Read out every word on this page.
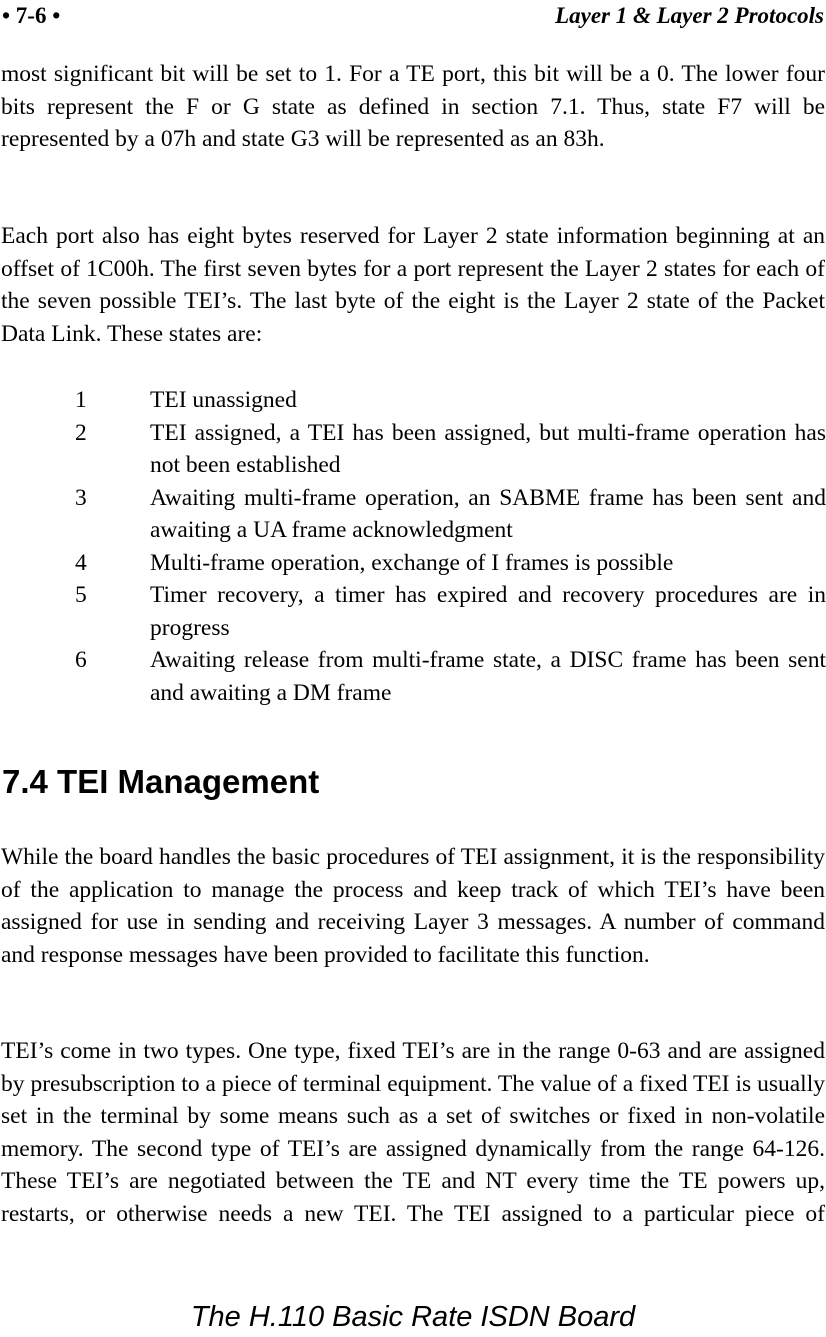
• 7-6 •	Layer 1 & Layer 2 Protocols

most significant bit will be set to 1. For a TE port, this bit will be a 0. The lower four bits represent the F or G state as defined in section 7.1. Thus, state F7 will be represented by a 07h and state G3 will be represented as an 83h.

Each port also has eight bytes reserved for Layer 2 state information beginning at an offset of 1C00h. The first seven bytes for a port represent the Layer 2 states for each of the seven possible TEI’s. The last byte of the eight is the Layer 2 state of the Packet Data Link. These states are:

1	TEI unassigned
2	TEI assigned, a TEI has been assigned, but multi-frame operation has not been established
3	Awaiting multi-frame operation, an SABME frame has been sent and awaiting a UA frame acknowledgment
4	Multi-frame operation, exchange of I frames is possible
5	Timer recovery, a timer has expired and recovery procedures are in progress
6	Awaiting release from multi-frame state, a DISC frame has been sent and awaiting a DM frame
7.4 TEI Management

While the board handles the basic procedures of TEI assignment, it is the responsibility of the application to manage the process and keep track of which TEI’s have been assigned for use in sending and receiving Layer 3 messages. A number of command and response messages have been provided to facilitate this function.

TEI’s come in two types. One type, fixed TEI’s are in the range 0-63 and are assigned by presubscription to a piece of terminal equipment. The value of a fixed TEI is usually set in the terminal by some means such as a set of switches or fixed in non-volatile memory. The second type of TEI’s are assigned dynamically from the range 64-126. These TEI’s are negotiated between the TE and NT every time the TE powers up, restarts, or otherwise needs a new TEI. The TEI assigned to a particular piece of

The H.110 Basic Rate ISDN Board
